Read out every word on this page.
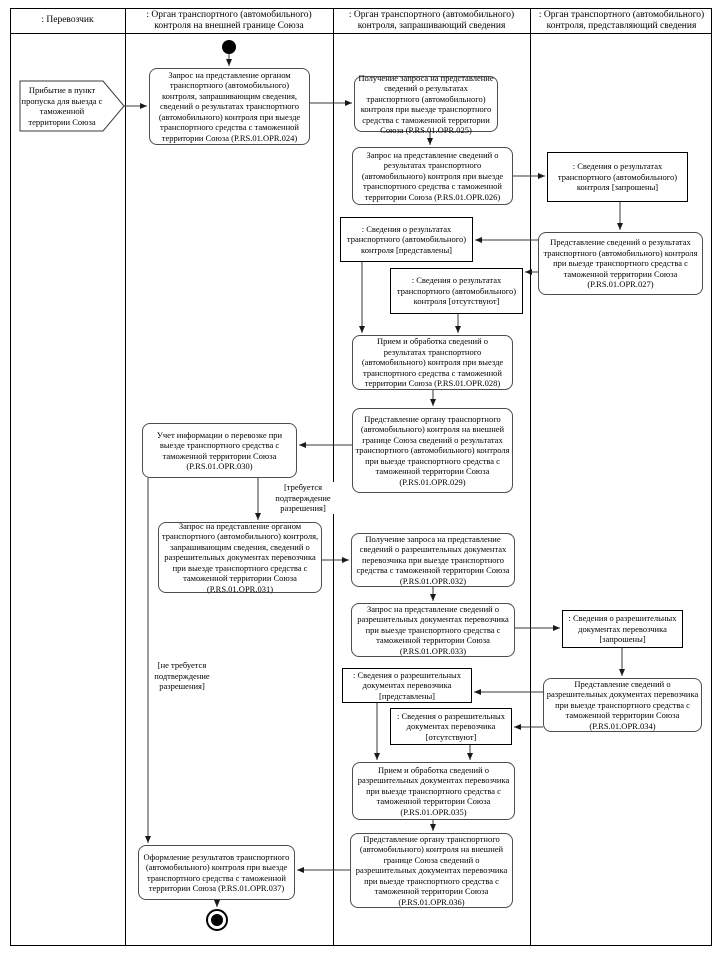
: Перевозчик
: Орган транспортного (автомобильного) контроля на внешней границе Союза
: Орган транспортного (автомобильного) контроля, запрашивающий сведения
: Орган транспортного (автомобильного) контроля, представляющий сведения
Прибытие в пункт пропуска для выезда с таможенной территории Союза
Запрос на представление органом транспортного (автомобильного) контроля, запрашивающим сведения, сведений о результатах транспортного (автомобильного) контроля при выезде транспортного средства с таможенной территории Союза (P.RS.01.OPR.024)
Учет информации о перевозке при выезде транспортного средства с таможенной территории Союза (P.RS.01.OPR.030)
Запрос на представление органом транспортного (автомобильного) контроля, запрашивающим сведения, сведений о разрешительных документах перевозчика при выезде транспортного средства с таможенной территории Союза (P.RS.01.OPR.031)
Оформление результатов транспортного (автомобильного) контроля при выезде транспортного средства с таможенной территории Союза (P.RS.01.OPR.037)
Получение запроса на представление сведений о результатах транспортного (автомобильного) контроля при выезде транспортного средства с таможенной территории Союза (P.RS.01.OPR.025)
Запрос на представление сведений о результатах транспортного (автомобильного) контроля при выезде транспортного средства с таможенной территории Союза (P.RS.01.OPR.026)
: Сведения о результатах транспортного (автомобильного) контроля [представлены]
: Сведения о результатах транспортного (автомобильного) контроля [отсутствуют]
Прием и обработка сведений о результатах транспортного (автомобильного) контроля при выезде транспортного средства с таможенной территории Союза (P.RS.01.OPR.028)
Представление органу транспортного (автомобильного) контроля на внешней границе Союза сведений о результатах транспортного (автомобильного) контроля при выезде транспортного средства с таможенной территории Союза (P.RS.01.OPR.029)
Получение запроса на представление сведений о разрешительных документах перевозчика при выезде транспортного средства с таможенной территории Союза (P.RS.01.OPR.032)
Запрос на представление сведений о разрешительных документах перевозчика при выезде транспортного средства с таможенной территории Союза (P.RS.01.OPR.033)
: Сведения о разрешительных документах перевозчика [представлены]
: Сведения о разрешительных документах перевозчика [отсутствуют]
Прием и обработка сведений о разрешительных документах перевозчика при выезде транспортного средства с таможенной территории Союза (P.RS.01.OPR.035)
Представление органу транспортного (автомобильного) контроля на внешней границе Союза сведений о разрешительных документах перевозчика при выезде транспортного средства с таможенной территории Союза (P.RS.01.OPR.036)
: Сведения о результатах транспортного (автомобильного) контроля [запрошены]
Представление сведений о результатах транспортного (автомобильного) контроля при выезде транспортного средства с таможенной территории Союза (P.RS.01.OPR.027)
: Сведения о разрешительных документах перевозчика [запрошены]
Представление сведений о разрешительных документах перевозчика при выезде транспортного средства с таможенной территории Союза (P.RS.01.OPR.034)
[требуется подтверждение разрешения]
[не требуется подтверждение разрешения]
